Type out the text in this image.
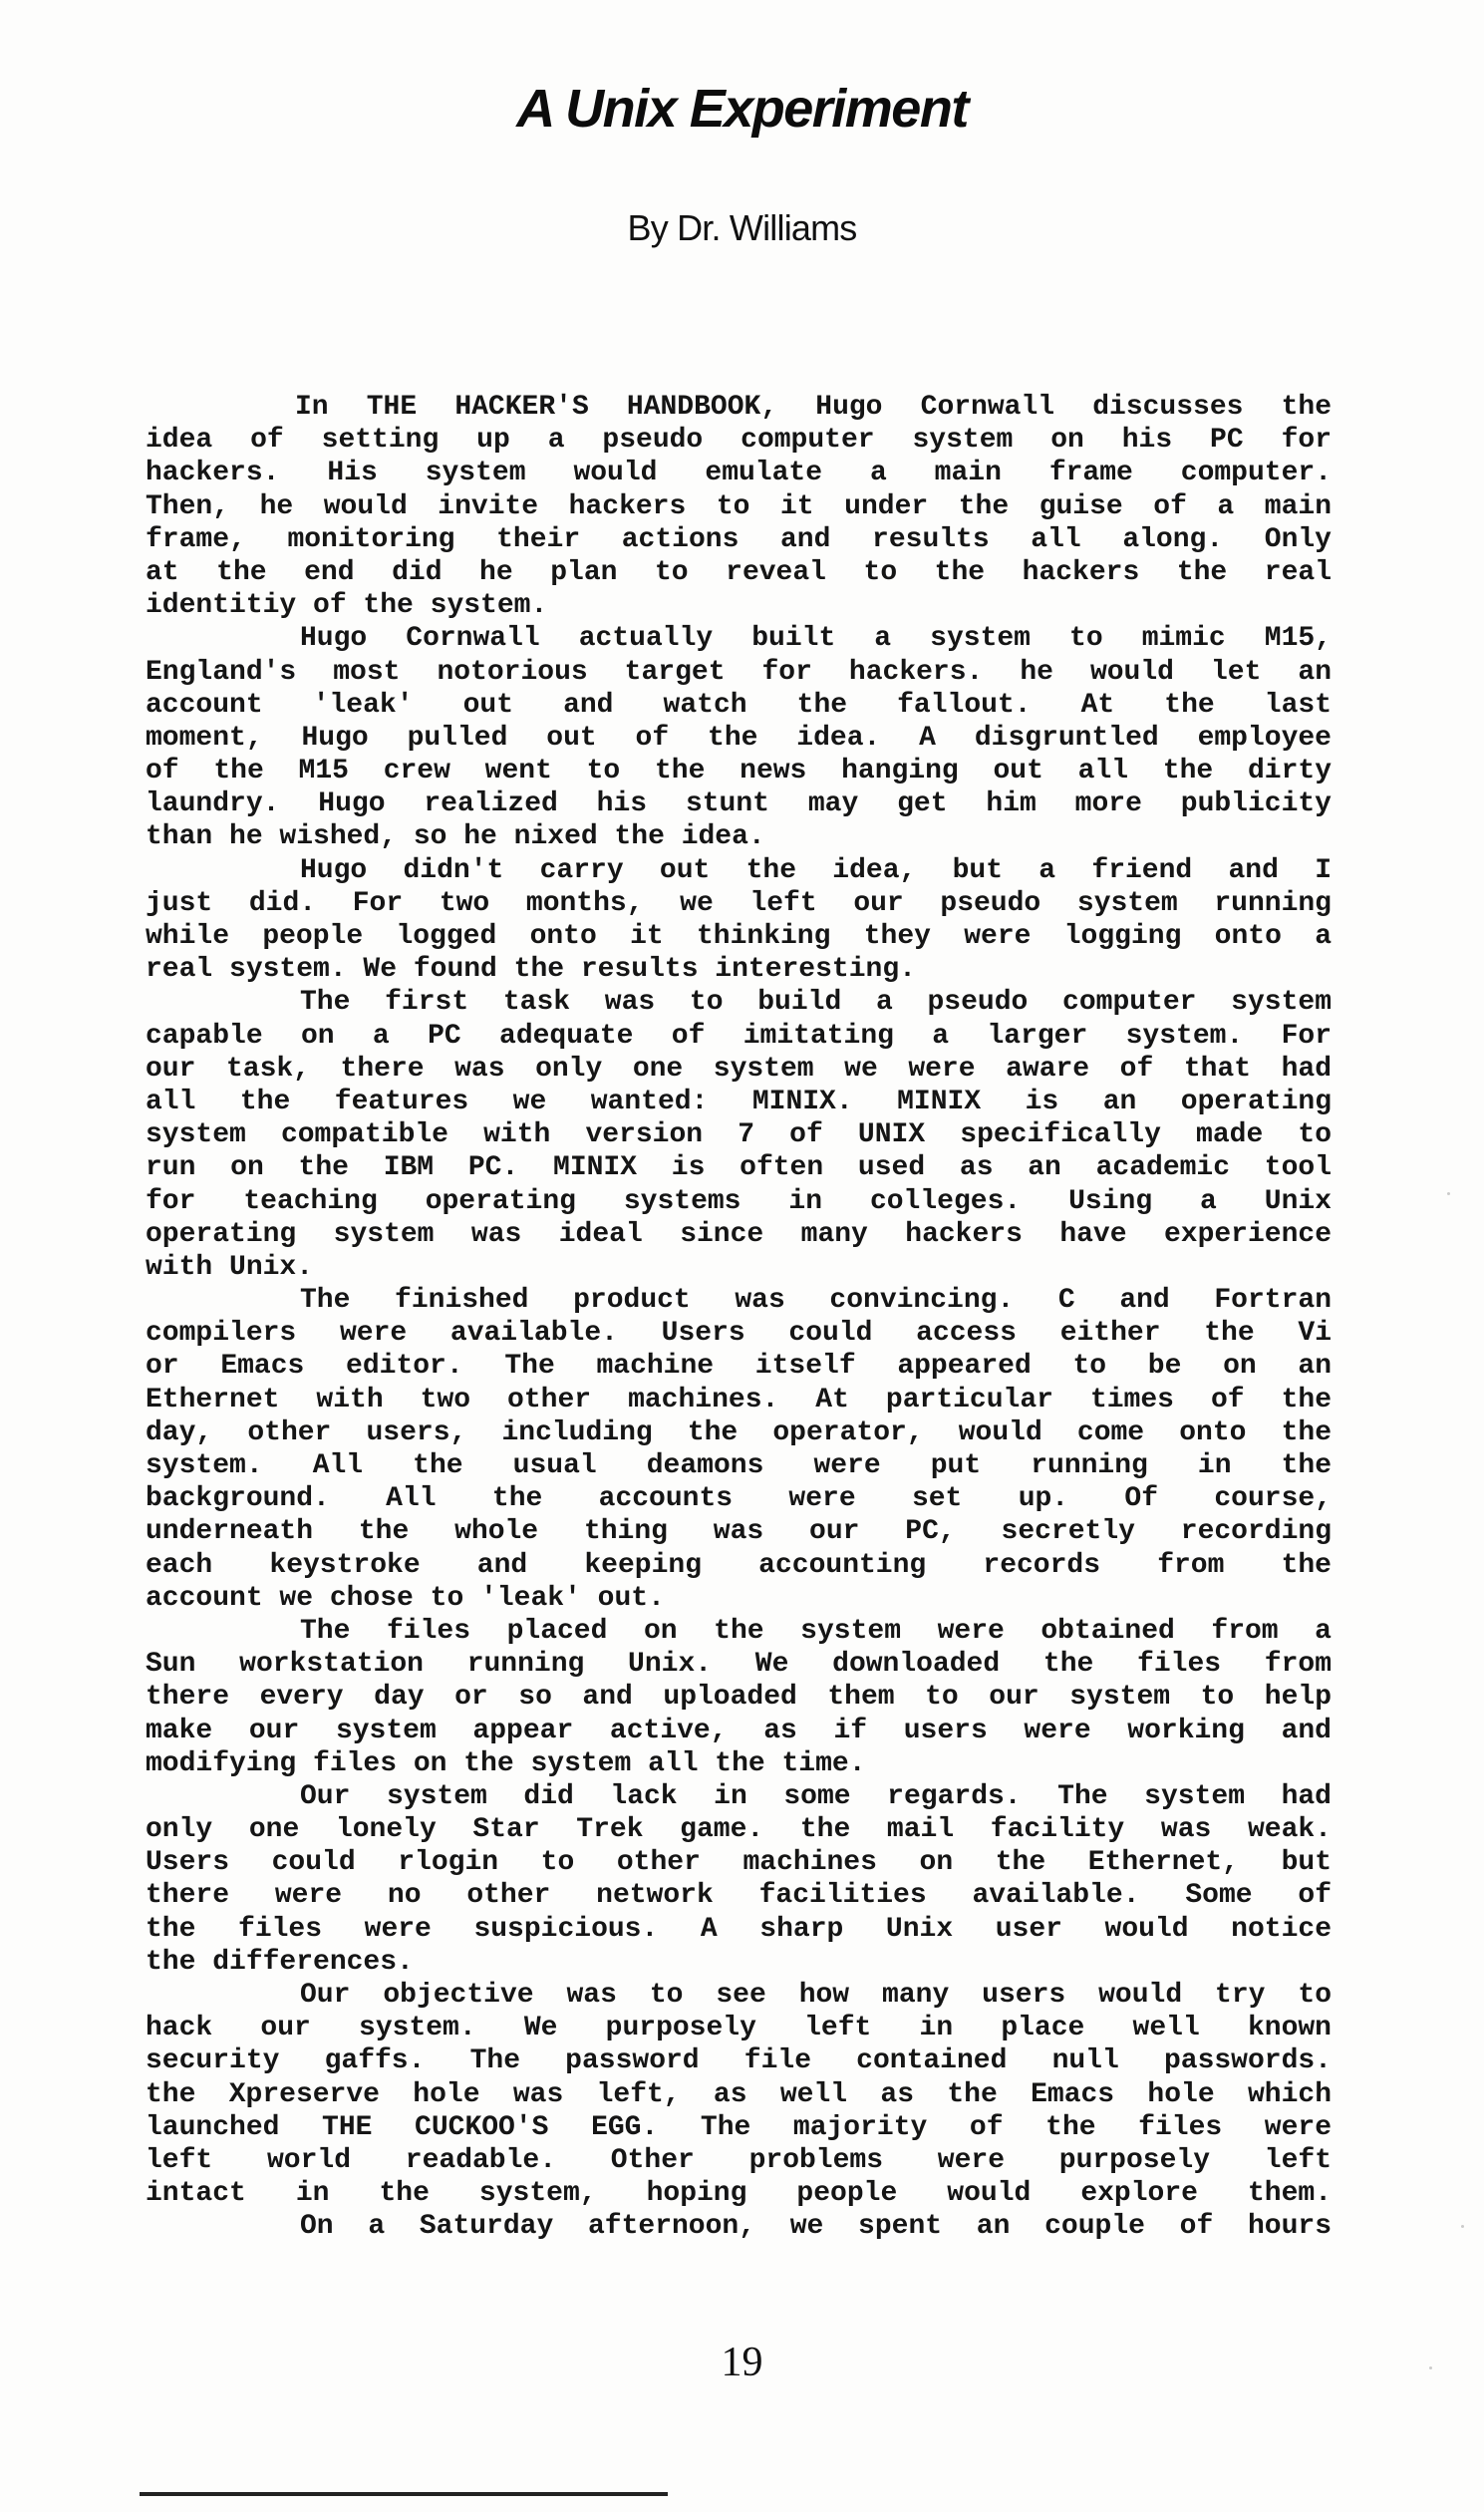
A Unix Experiment
By Dr. Williams
In THE HACKER'S HANDBOOK, Hugo Cornwall discusses the
idea of setting up a pseudo computer system on his PC for
hackers. His system would emulate a main frame computer.
Then, he would invite hackers to it under the guise of a main
frame, monitoring their actions and results all along. Only
at the end did he plan to reveal to the hackers the real
identitiy of the system.
Hugo Cornwall actually built a system to mimic M15,
England's most notorious target for hackers. he would let an
account 'leak' out and watch the fallout. At the last
moment, Hugo pulled out of the idea. A disgruntled employee
of the M15 crew went to the news hanging out all the dirty
laundry. Hugo realized his stunt may get him more publicity
than he wished, so he nixed the idea.
Hugo didn't carry out the idea, but a friend and I
just did. For two months, we left our pseudo system running
while people logged onto it thinking they were logging onto a
real system. We found the results interesting.
The first task was to build a pseudo computer system
capable on a PC adequate of imitating a larger system. For
our task, there was only one system we were aware of that had
all the features we wanted: MINIX. MINIX is an operating
system compatible with version 7 of UNIX specifically made to
run on the IBM PC. MINIX is often used as an academic tool
for teaching operating systems in colleges. Using a Unix
operating system was ideal since many hackers have experience
with Unix.
The finished product was convincing. C and Fortran
compilers were available. Users could access either the Vi
or Emacs editor. The machine itself appeared to be on an
Ethernet with two other machines. At particular times of the
day, other users, including the operator, would come onto the
system. All the usual deamons were put running in the
background. All the accounts were set up. Of course,
underneath the whole thing was our PC, secretly recording
each keystroke and keeping accounting records from the
account we chose to 'leak' out.
The files placed on the system were obtained from a
Sun workstation running Unix. We downloaded the files from
there every day or so and uploaded them to our system to help
make our system appear active, as if users were working and
modifying files on the system all the time.
Our system did lack in some regards. The system had
only one lonely Star Trek game. the mail facility was weak.
Users could rlogin to other machines on the Ethernet, but
there were no other network facilities available. Some of
the files were suspicious. A sharp Unix user would notice
the differences.
Our objective was to see how many users would try to
hack our system. We purposely left in place well known
security gaffs. The password file contained null passwords.
the Xpreserve hole was left, as well as the Emacs hole which
launched THE CUCKOO'S EGG. The majority of the files were
left world readable. Other problems were purposely left
intact in the system, hoping people would explore them.
On a Saturday afternoon, we spent an couple of hours
19
